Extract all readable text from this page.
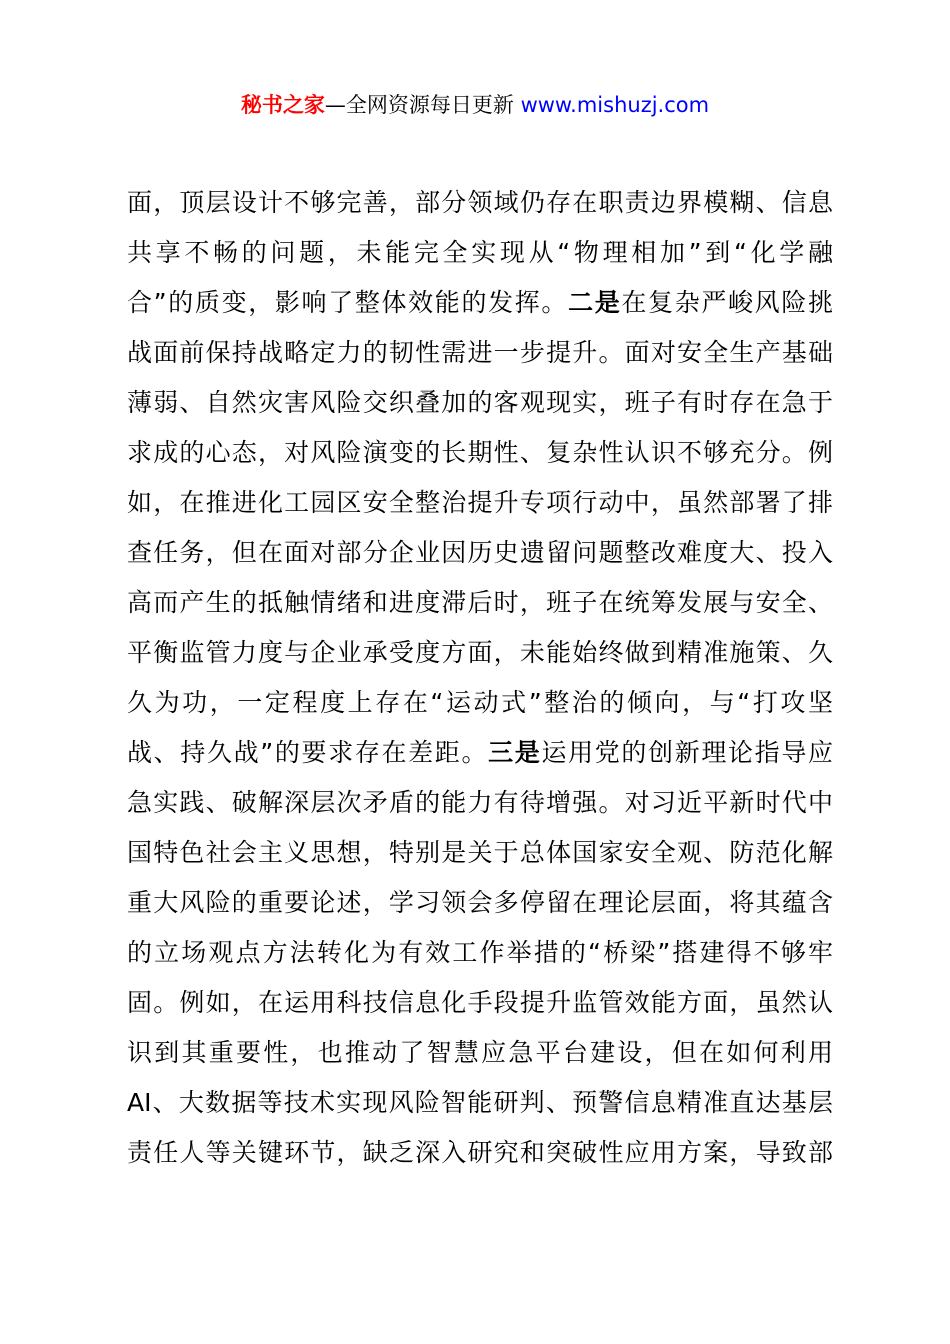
秘书之家—全网资源每日更新 www.mishuzj.com
面，顶层设计不够完善，部分领域仍存在职责边界模糊、信息
共享不畅的问题，未能完全实现从“物理相加”到“化学融
合”的质变，影响了整体效能的发挥。二是在复杂严峻风险挑
战面前保持战略定力的韧性需进一步提升。面对安全生产基础
薄弱、自然灾害风险交织叠加的客观现实，班子有时存在急于
求成的心态，对风险演变的长期性、复杂性认识不够充分。例
如，在推进化工园区安全整治提升专项行动中，虽然部署了排
查任务，但在面对部分企业因历史遗留问题整改难度大、投入
高而产生的抵触情绪和进度滞后时，班子在统筹发展与安全、
平衡监管力度与企业承受度方面，未能始终做到精准施策、久
久为功，一定程度上存在“运动式”整治的倾向，与“打攻坚
战、持久战”的要求存在差距。三是运用党的创新理论指导应
急实践、破解深层次矛盾的能力有待增强。对习近平新时代中
国特色社会主义思想，特别是关于总体国家安全观、防范化解
重大风险的重要论述，学习领会多停留在理论层面，将其蕴含
的立场观点方法转化为有效工作举措的“桥梁”搭建得不够牢
固。例如，在运用科技信息化手段提升监管效能方面，虽然认
识到其重要性，也推动了智慧应急平台建设，但在如何利用
AI、大数据等技术实现风险智能研判、预警信息精准直达基层
责任人等关键环节，缺乏深入研究和突破性应用方案，导致部
